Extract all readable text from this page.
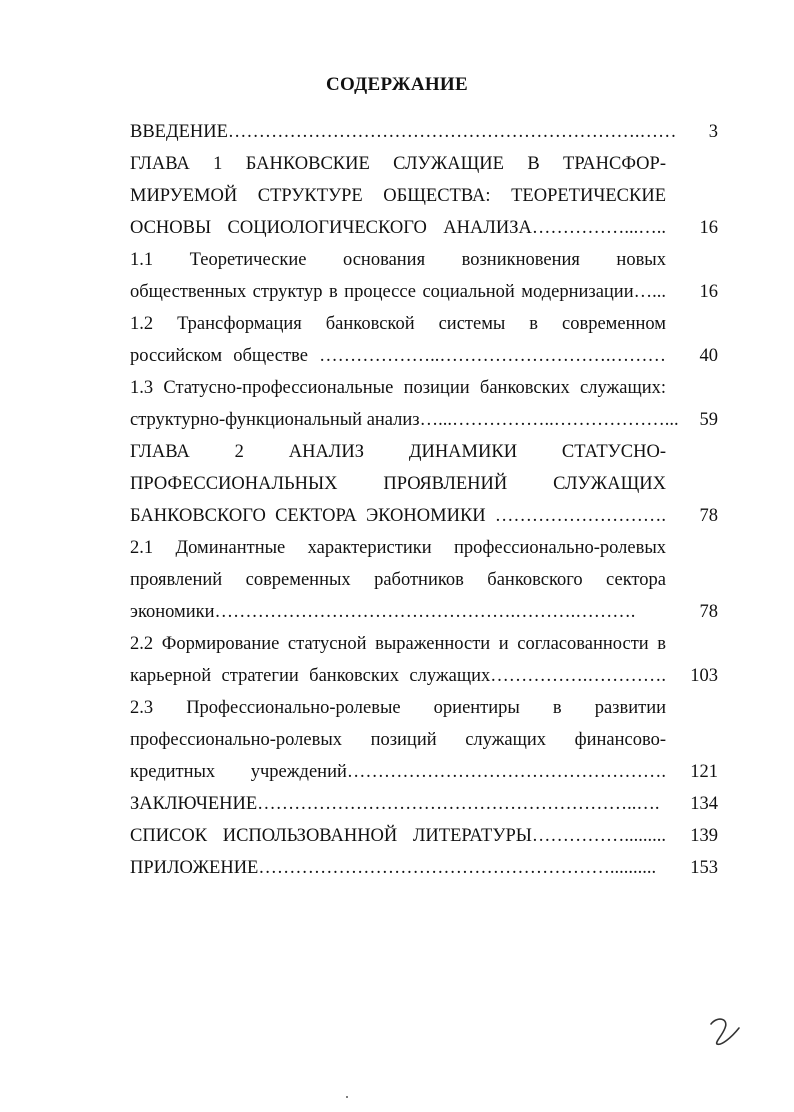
СОДЕРЖАНИЕ
ВВЕДЕНИЕ………………………………………………………….……	3
ГЛАВА 1 БАНКОВСКИЕ СЛУЖАЩИЕ В ТРАНСФОР-
МИРУЕМОЙ СТРУКТУРЕ ОБЩЕСТВА: ТЕОРЕТИЧЕСКИЕ
ОСНОВЫ СОЦИОЛОГИЧЕСКОГО АНАЛИЗА……………...…..	16
1.1 Теоретические основания возникновения новых
общественных структур в процессе социальной модернизации…...	16
1.2 Трансформация банковской системы в современном
российском обществе ………………..……………………….………	40
1.3 Статусно-профессиональные позиции банковских служащих:
структурно-функциональный анализ…...……………..………………...	59
ГЛАВА 2 АНАЛИЗ ДИНАМИКИ СТАТУСНО-
ПРОФЕССИОНАЛЬНЫХ ПРОЯВЛЕНИЙ СЛУЖАЩИХ
БАНКОВСКОГО СЕКТОРА ЭКОНОМИКИ ……………………….	78
2.1 Доминантные характеристики профессионально-ролевых
проявлений современных работников банковского сектора
экономики………………………………………….……….……….	78
2.2 Формирование статусной выраженности и согласованности в
карьерной стратегии банковских служащих…………….………….	103
2.3 Профессионально-ролевые ориентиры в развитии
профессионально-ролевых позиций служащих финансово-
кредитных учреждений…………………………………………….	121
ЗАКЛЮЧЕНИЕ……………………………………………………..….	134
СПИСОК ИСПОЛЬЗОВАННОЙ ЛИТЕРАТУРЫ…………….........	139
ПРИЛОЖЕНИЕ…………………………………………………..........	153
